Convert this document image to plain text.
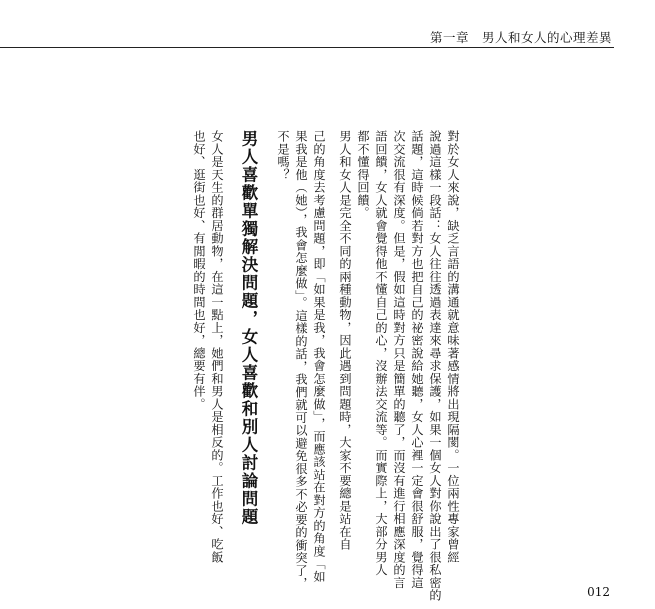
第一章　男人和女人的心理差異

對於女人來說，缺乏言語的溝通就意味著感情將出現隔閡。一位兩性專家曾經

說過這樣一段話：女人往往透過表達來尋求保護，如果一個女人對你說出了很私密的

話題，這時候倘若對方也把自己的祕密說給她聽，女人心裡一定會很舒服，覺得這

次交流很有深度。但是，假如這時對方只是簡單的聽了，而沒有進行相應深度的言

語回饋，女人就會覺得他不懂自己的心，沒辦法交流等。而實際上，大部分男人

都不懂得回饋。

男人和女人是完全不同的兩種動物，因此遇到問題時，大家不要總是站在自

己的角度去考慮問題，即「如果是我，我會怎麼做」，而應該站在對方的角度「如

果我是他（她），我會怎麼做」。這樣的話，我們就可以避免很多不必要的衝突了，

不是嗎？

男人喜歡單獨解決問題，女人喜歡和別人討論問題

女人是天生的群居動物，在這一點上，她們和男人是相反的。工作也好、吃飯

也好、逛街也好、有閒暇的時間也好，總要有伴。

012
